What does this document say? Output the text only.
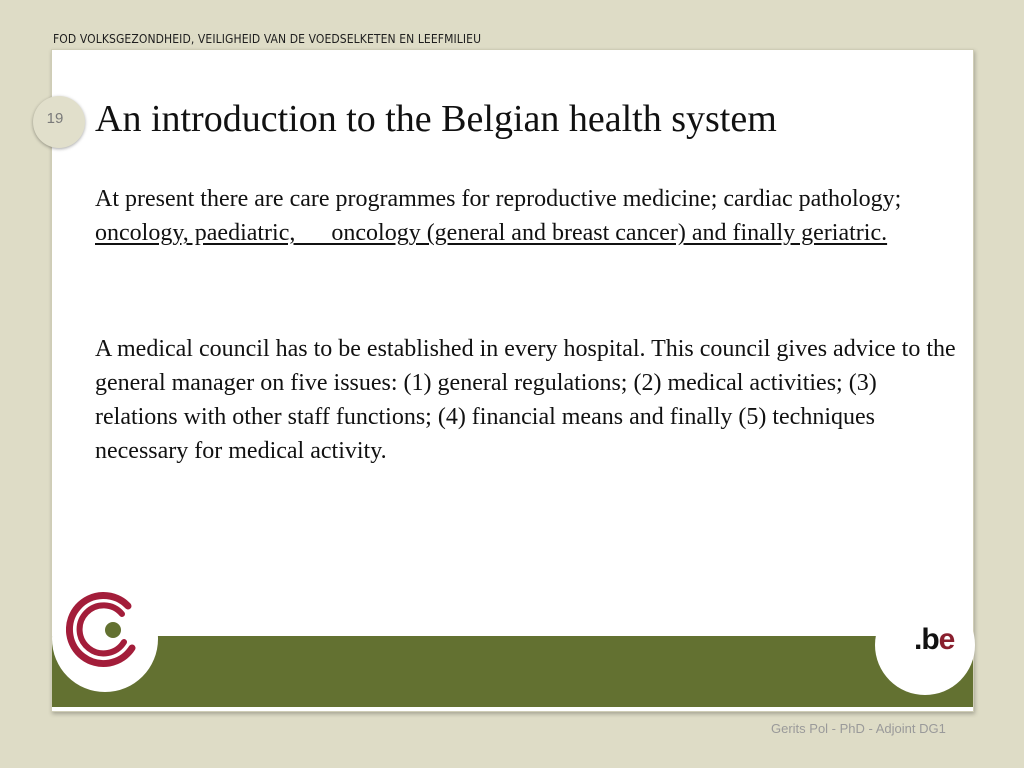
FOD VOLKSGEZONDHEID, VEILIGHEID VAN DE VOEDSELKETEN EN LEEFMILIEU
19 An introduction to the Belgian health system

At present there are care programmes for reproductive medicine; cardiac pathology; oncology, paediatric,      oncology (general and breast cancer) and finally geriatric.

A medical council has to be established in every hospital. This council gives advice to the general manager on five issues: (1) general regulations; (2) medical activities; (3) relations with other staff functions; (4) financial means and finally (5) techniques necessary for medical activity.

.be
Gerits Pol - PhD - Adjoint DG1
